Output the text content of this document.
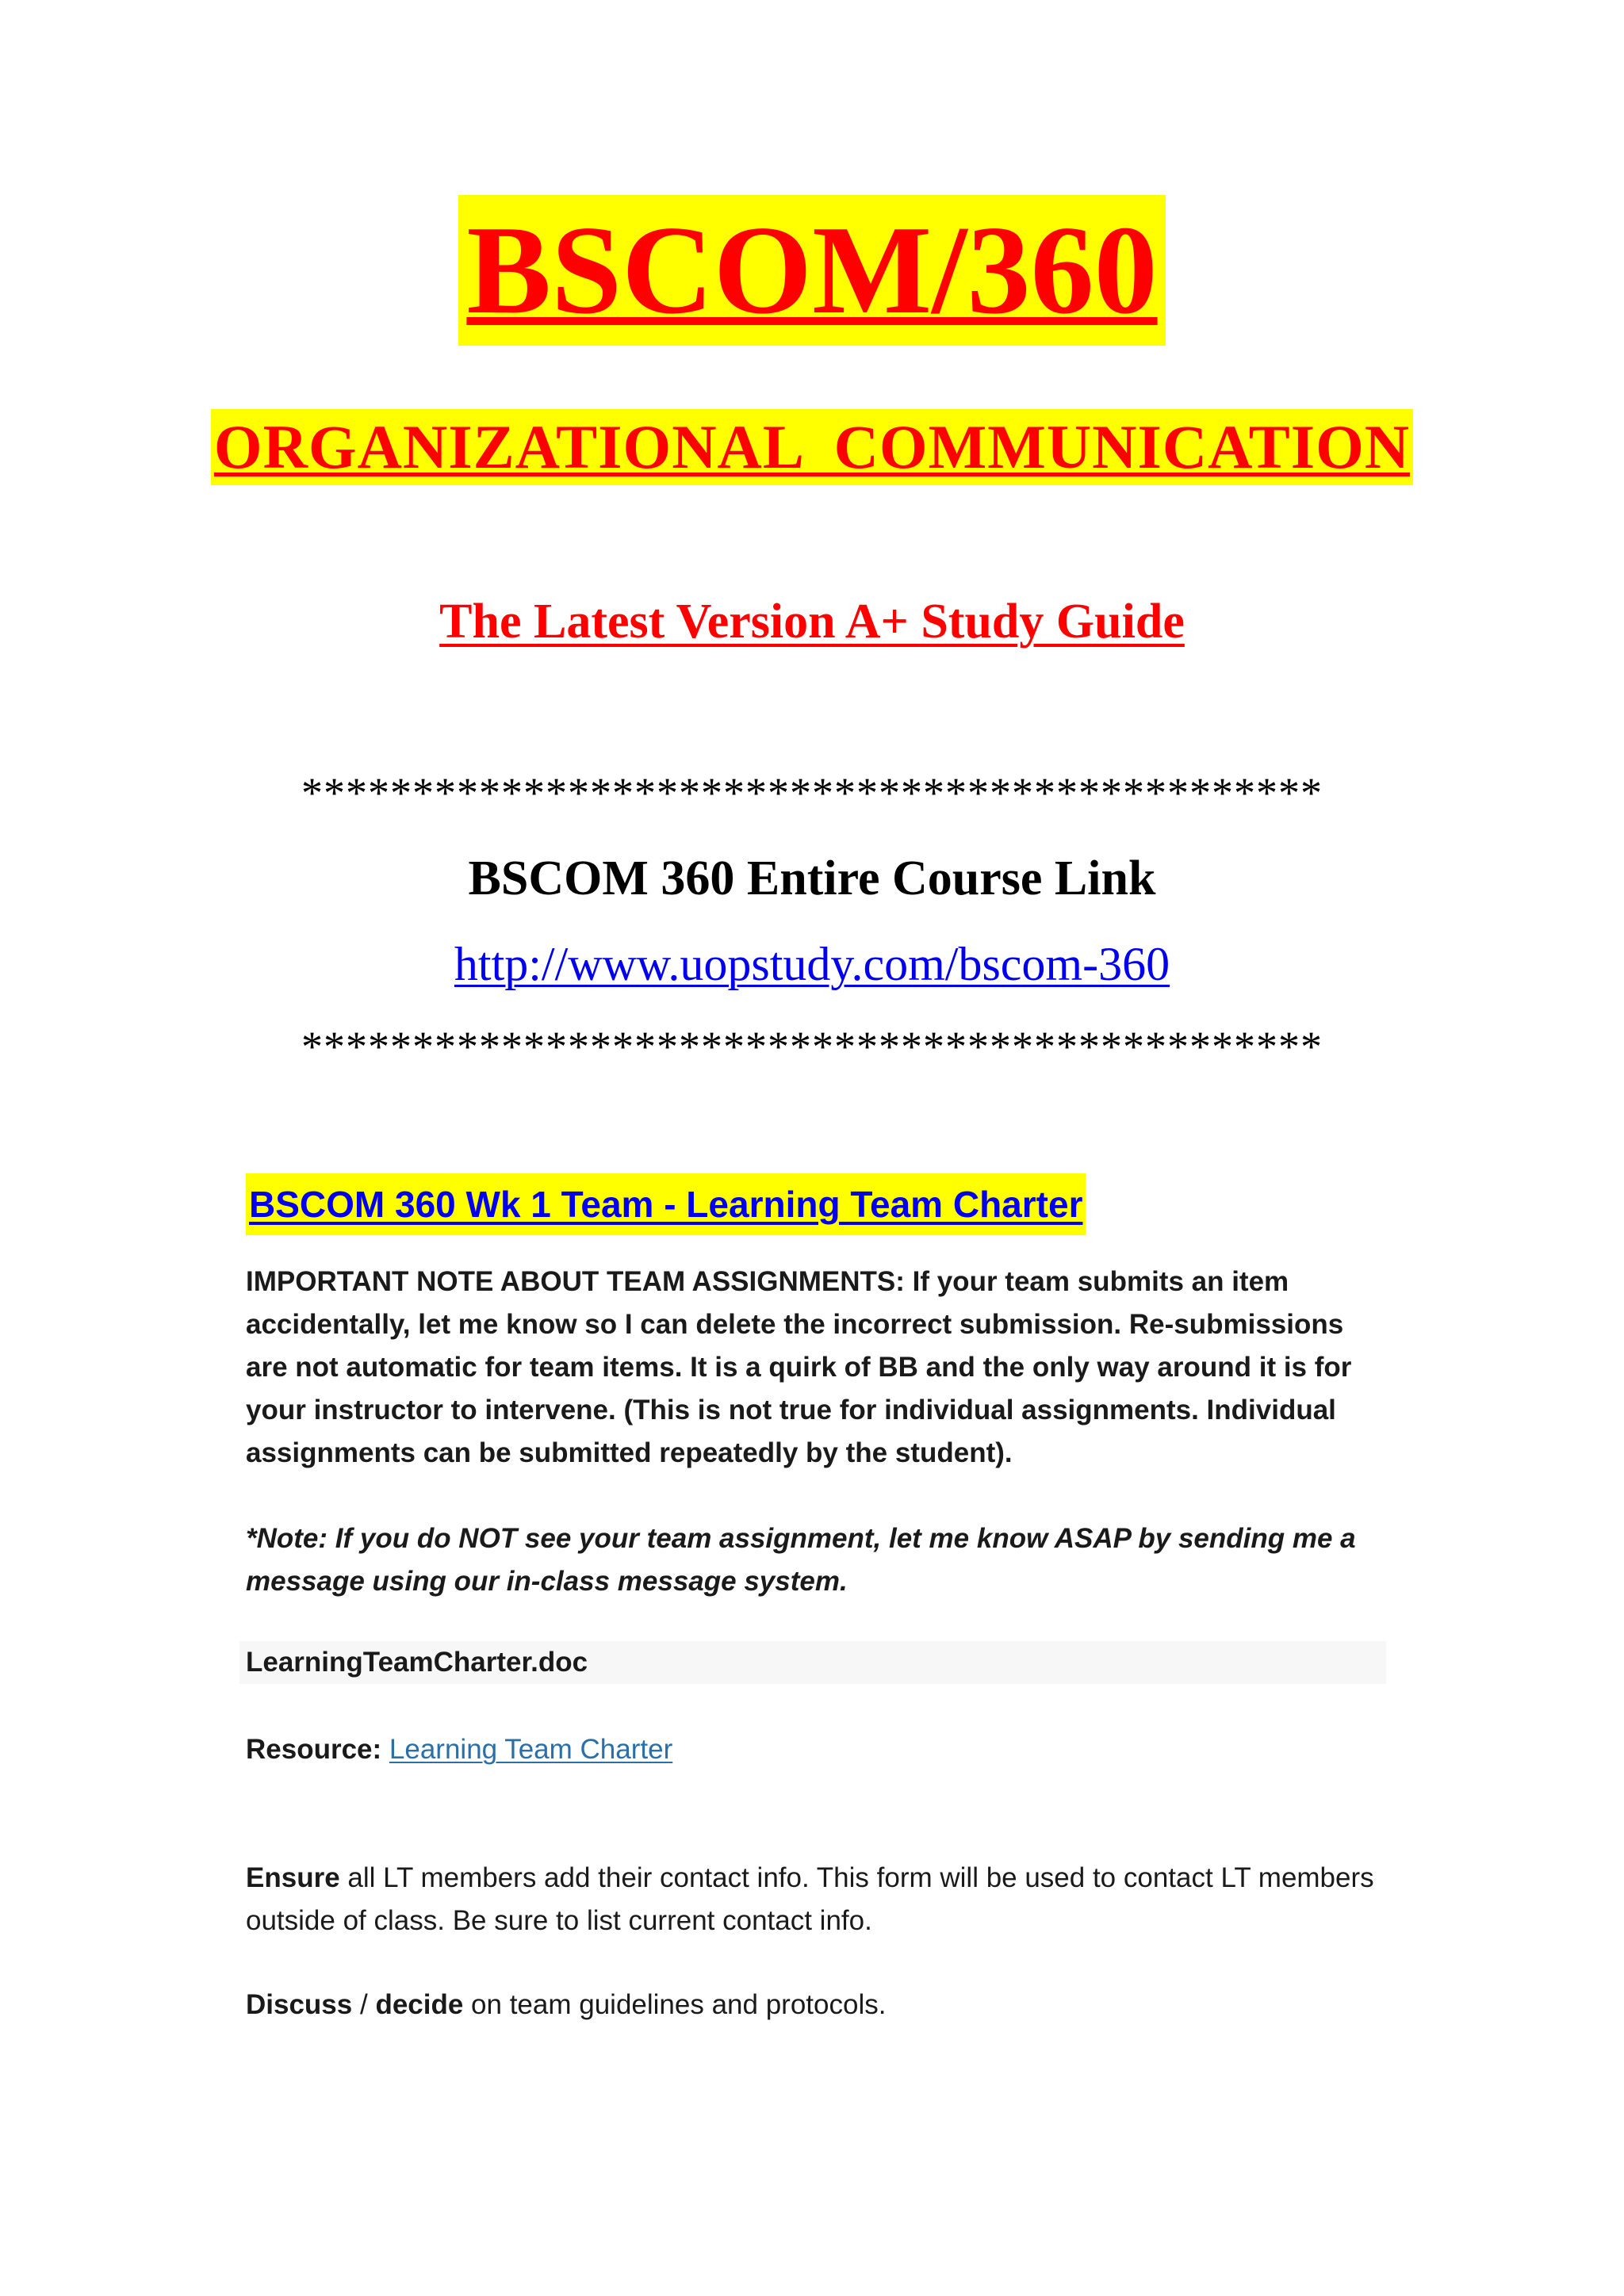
BSCOM/360
ORGANIZATIONAL  COMMUNICATION
The Latest Version A+ Study Guide
**********************************************
BSCOM 360 Entire Course Link
http://www.uopstudy.com/bscom-360
**********************************************
BSCOM 360 Wk 1 Team - Learning Team Charter
IMPORTANT NOTE ABOUT TEAM ASSIGNMENTS: If your team submits an item accidentally, let me know so I can delete the incorrect submission. Re-submissions are not automatic for team items. It is a quirk of BB and the only way around it is for your instructor to intervene. (This is not true for individual assignments. Individual assignments can be submitted repeatedly by the student).
*Note: If you do NOT see your team assignment, let me know ASAP by sending me a message using our in-class message system.
LearningTeamCharter.doc
Resource: Learning Team Charter
Ensure all LT members add their contact info. This form will be used to contact LT members outside of class. Be sure to list current contact info.
Discuss / decide on team guidelines and protocols.
